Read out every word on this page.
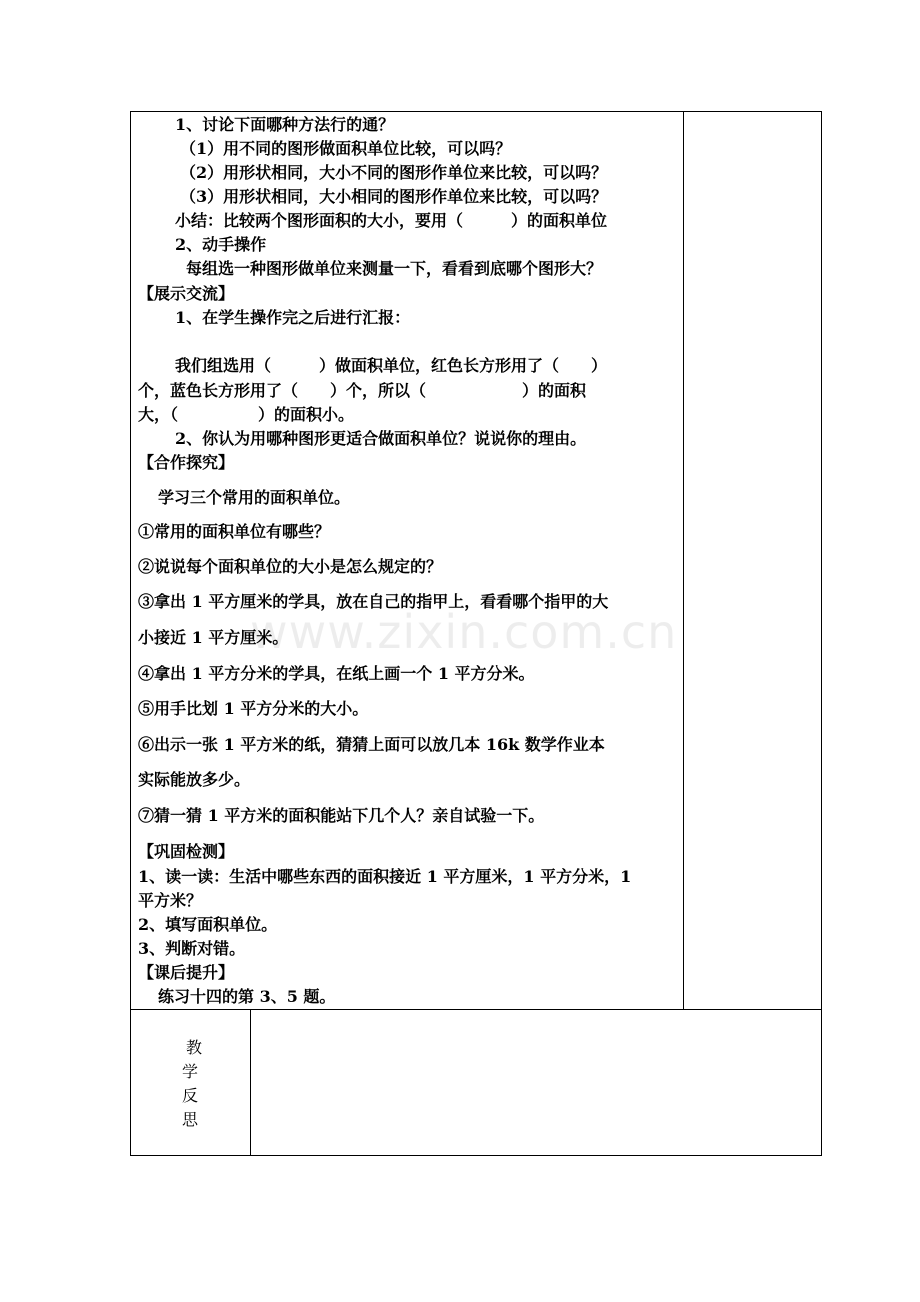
www.zixin.com.cn
1、讨论下面哪种方法行的通？
（1）用不同的图形做面积单位比较，可以吗？
（2）用形状相同，大小不同的图形作单位来比较，可以吗？
（3）用形状相同，大小相同的图形作单位来比较，可以吗？
小结：比较两个图形面积的大小，要用（　　　）的面积单位
2、动手操作
每组选一种图形做单位来测量一下，看看到底哪个图形大？
【展示交流】
1、在学生操作完之后进行汇报：
我们组选用（　　　）做面积单位，红色长方形用了（　　）
个，蓝色长方形用了（　　）个，所以（　　　　　　）的面积
大，（　　　　　）的面积小。
2、你认为用哪种图形更适合做面积单位？说说你的理由。
【合作探究】
学习三个常用的面积单位。
①常用的面积单位有哪些？
②说说每个面积单位的大小是怎么规定的？
③拿出 1 平方厘米的学具，放在自己的指甲上，看看哪个指甲的大
小接近 1 平方厘米。
④拿出 1 平方分米的学具，在纸上画一个 1 平方分米。
⑤用手比划 1 平方分米的大小。
⑥出示一张 1 平方米的纸，猜猜上面可以放几本 16k 数学作业本
实际能放多少。
⑦猜一猜 1 平方米的面积能站下几个人？亲自试验一下。
【巩固检测】
1、读一读：生活中哪些东西的面积接近 1 平方厘米，1 平方分米，1
平方米？
2、填写面积单位。
3、判断对错。
【课后提升】
练习十四的第 3、5 题。
教
学
反
思
